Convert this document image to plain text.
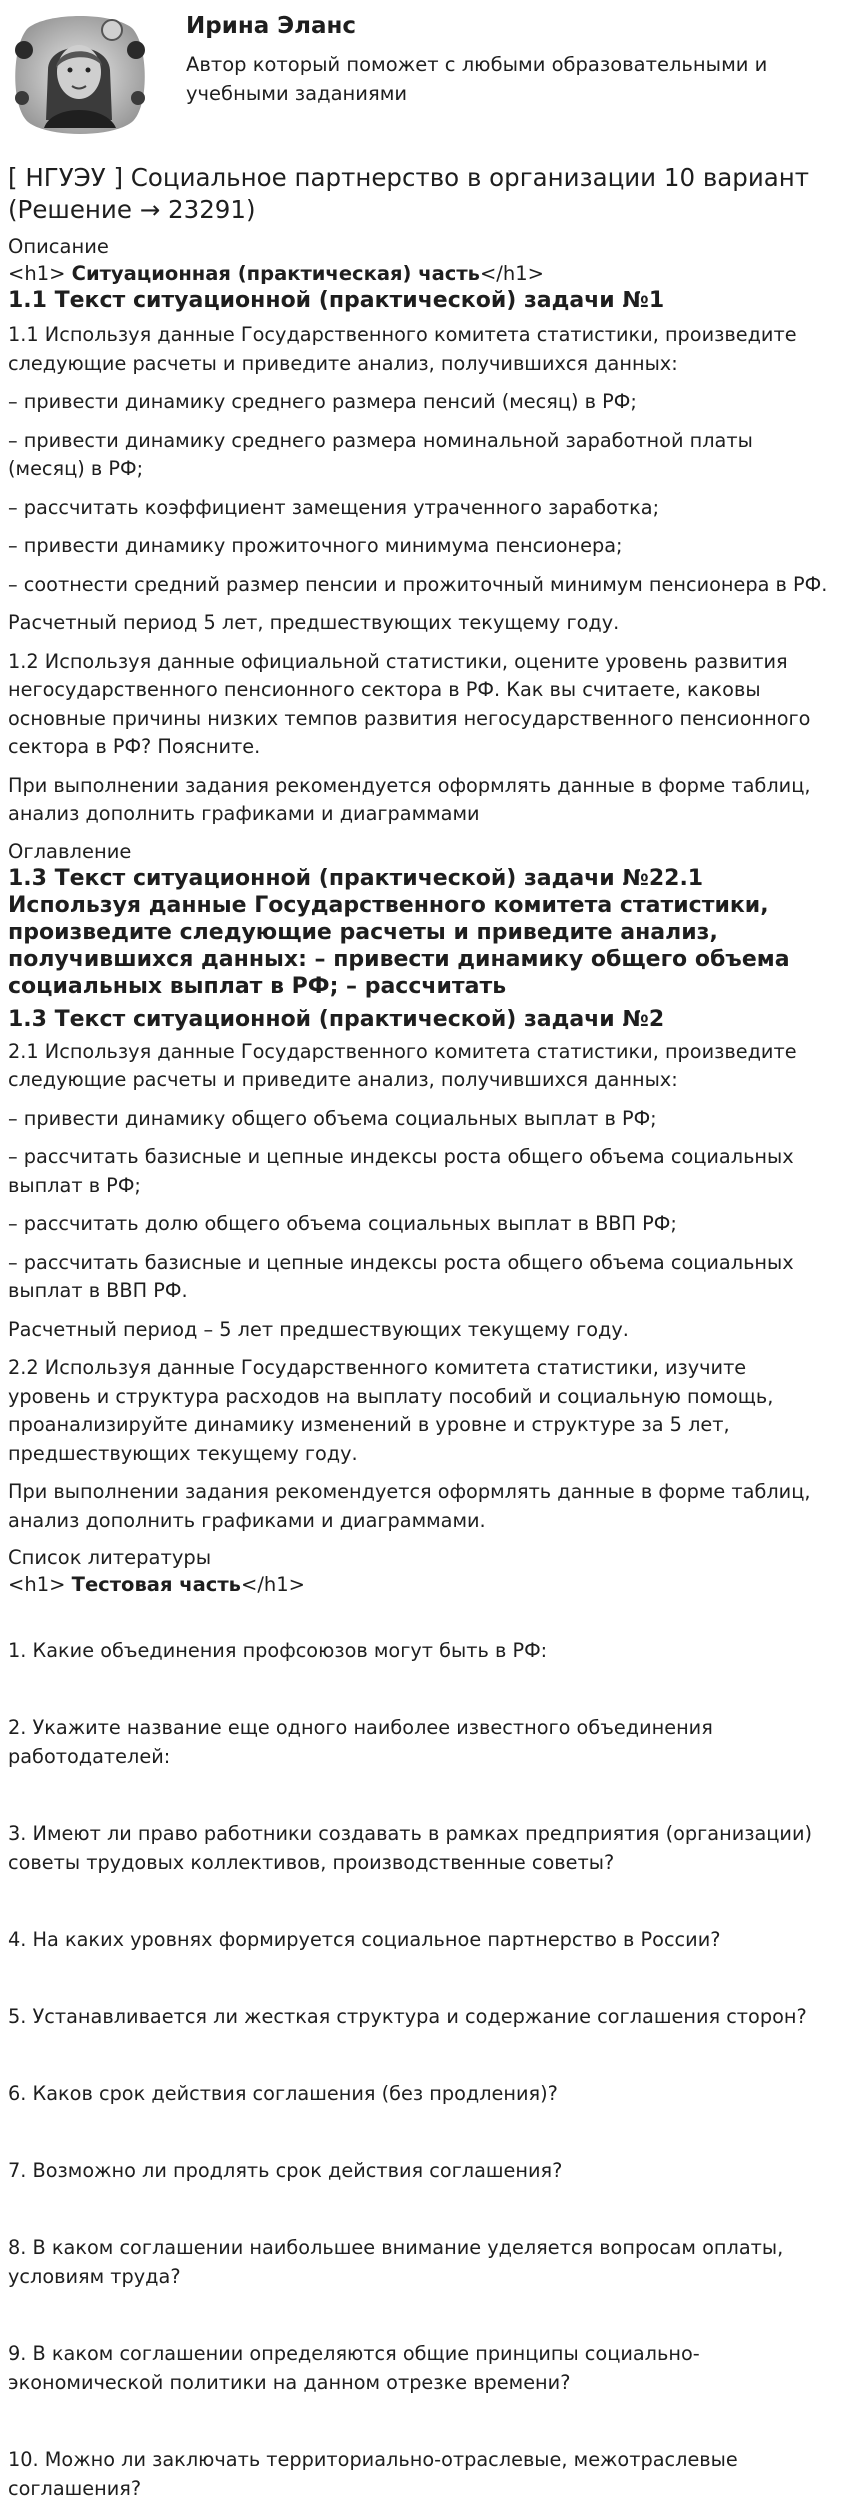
Ирина Эланс
Автор который поможет с любыми образовательными и учебными заданиями
[ НГУЭУ ] Социальное партнерство в организации 10 вариант (Решение → 23291)
Описание
<h1> Ситуационная (практическая) часть</h1>
1.1 Текст ситуационной (практической) задачи №1

1.1 Используя данные Государственного комитета статистики, произведите следующие расчеты и приведите анализ, получившихся данных:

– привести динамику среднего размера пенсий (месяц) в РФ;

– привести динамику среднего размера номинальной заработной платы (месяц) в РФ;

– рассчитать коэффициент замещения утраченного заработка;

– привести динамику прожиточного минимума пенсионера;

– соотнести средний размер пенсии и прожиточный минимум пенсионера в РФ.

Расчетный период 5 лет, предшествующих текущему году.

1.2 Используя данные официальной статистики, оцените уровень развития негосударственного пенсионного сектора в РФ. Как вы считаете, каковы основные причины низких темпов развития негосударственного пенсионного сектора в РФ? Поясните.

При выполнении задания рекомендуется оформлять данные в форме таблиц, анализ дополнить графиками и диаграммами

Оглавление
1.3 Текст ситуационной (практической) задачи №22.1 Используя данные Государственного комитета статистики, произведите следующие расчеты и приведите анализ, получившихся данных: – привести динамику общего объема социальных выплат в РФ; – рассчитать
1.3 Текст ситуационной (практической) задачи №2

2.1 Используя данные Государственного комитета статистики, произведите следующие расчеты и приведите анализ, получившихся данных:

– привести динамику общего объема социальных выплат в РФ;

– рассчитать базисные и цепные индексы роста общего объема социальных выплат в РФ;

– рассчитать долю общего объема социальных выплат в ВВП РФ;

– рассчитать базисные и цепные индексы роста общего объема социальных выплат в ВВП РФ.

Расчетный период – 5 лет предшествующих текущему году.

2.2 Используя данные Государственного комитета статистики, изучите уровень и структура расходов на выплату пособий и социальную помощь, проанализируйте динамику изменений в уровне и структуре за 5 лет, предшествующих текущему году.

При выполнении задания рекомендуется оформлять данные в форме таблиц, анализ дополнить графиками и диаграммами.

Список литературы
<h1> Тестовая часть</h1>

1. Какие объединения профсоюзов могут быть в РФ:

2. Укажите название еще одного наиболее известного объединения работодателей:

3. Имеют ли право работники создавать в рамках предприятия (организации) советы трудовых коллективов, производственные советы?

4. На каких уровнях формируется социальное партнерство в России?

5. Устанавливается ли жесткая структура и содержание соглашения сторон?

6. Каков срок действия соглашения (без продления)?

7. Возможно ли продлять срок действия соглашения?

8. В каком соглашении наибольшее внимание уделяется вопросам оплаты, условиям труда?

9. В каком соглашении определяются общие принципы социально-экономической политики на данном отрезке времени?

10. Можно ли заключать территориально-отраслевые, межотраслевые соглашения?
